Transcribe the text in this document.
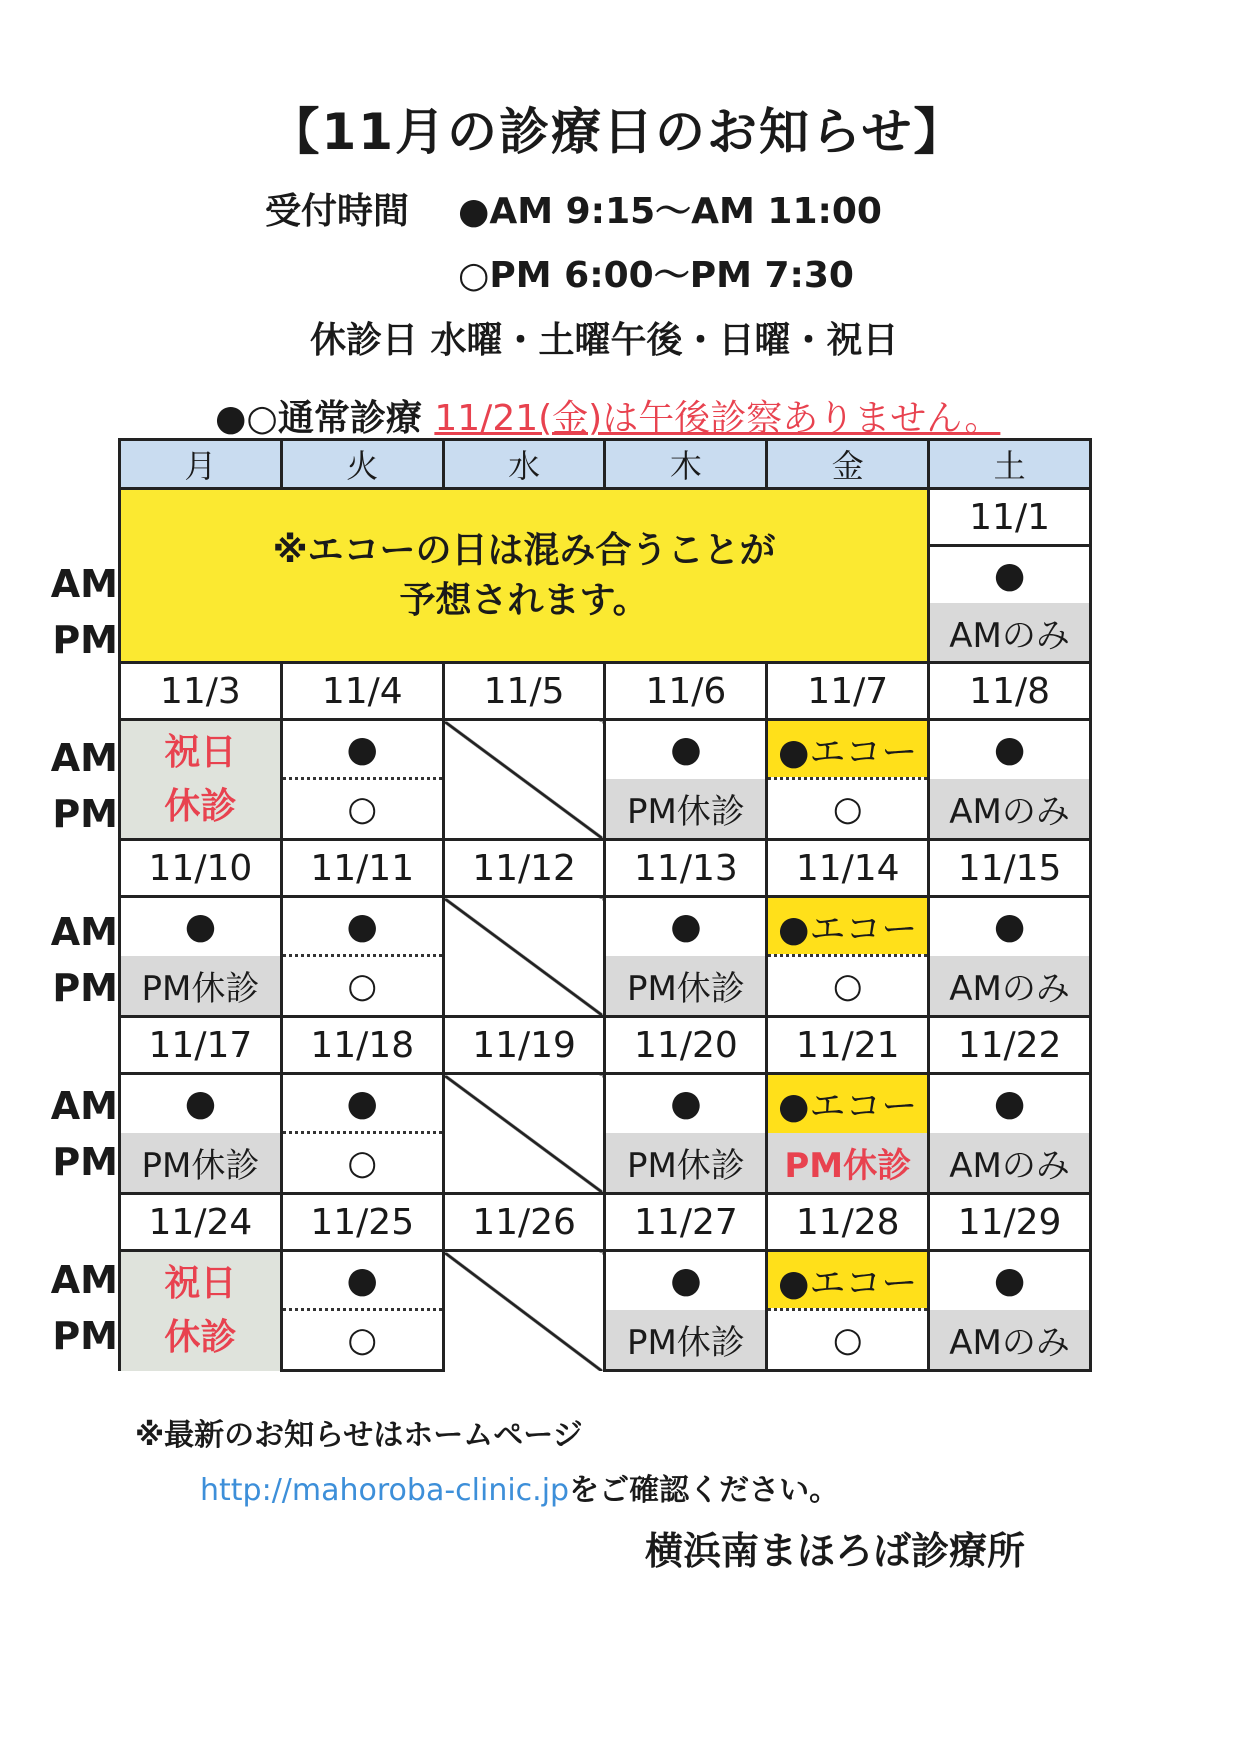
【11月の診療日のお知らせ】
受付時間 ●AM 9:15～AM 11:00
○PM 6:00～PM 7:30
休診日 水曜・土曜午後・日曜・祝日
●○通常診療 11/21(金)は午後診察ありません。
AM
PM
AM
PM
AM
PM
AM
PM
AM
PM
月	火	水	木	金	土

※エコーの日は混み合うことが
予想されます。					11/1
					●
					AMのみ
11/3	11/4	11/5	11/6	11/7	11/8

祝日
休診	●		●	●エコー	●
	○		PM休診	○	AMのみ
11/10	11/11	11/12	11/13	11/14	11/15
●	●		●	●エコー	●
PM休診	○		PM休診	○	AMのみ
11/17	11/18	11/19	11/20	11/21	11/22
●	●		●	●エコー	●
PM休診	○		PM休診	PM休診	AMのみ
11/24	11/25	11/26	11/27	11/28	11/29

祝日
休診	●		●	●エコー	●
	○		PM休診	○	AMのみ
※最新のお知らせはホームページ
http://mahoroba-clinic.jpをご確認ください。
横浜南まほろば診療所
